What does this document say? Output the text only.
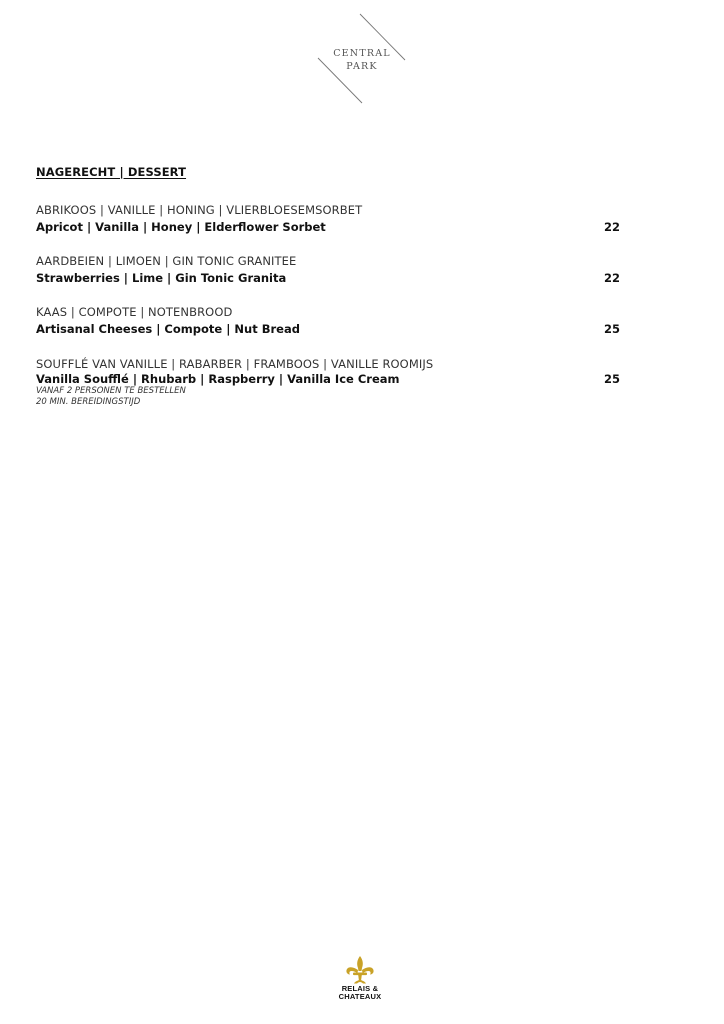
CENTRAL
PARK
NAGERECHT | DESSERT
ABRIKOOS | VANILLE | HONING | VLIERBLOESEMSORBET
Apricot | Vanilla | Honey | Elderflower Sorbet	22
AARDBEIEN | LIMOEN | GIN TONIC GRANITEE
Strawberries | Lime | Gin Tonic Granita	22
KAAS | COMPOTE | NOTENBROOD
Artisanal Cheeses | Compote | Nut Bread	25
SOUFFLÉ VAN VANILLE | RABARBER | FRAMBOOS | VANILLE ROOMIJS
Vanilla Soufflé | Rhubarb | Raspberry | Vanilla Ice Cream	25
VANAF 2 PERSONEN TE BESTELLEN
20 MIN. BEREIDINGSTIJD
RELAIS &
CHATEAUX
